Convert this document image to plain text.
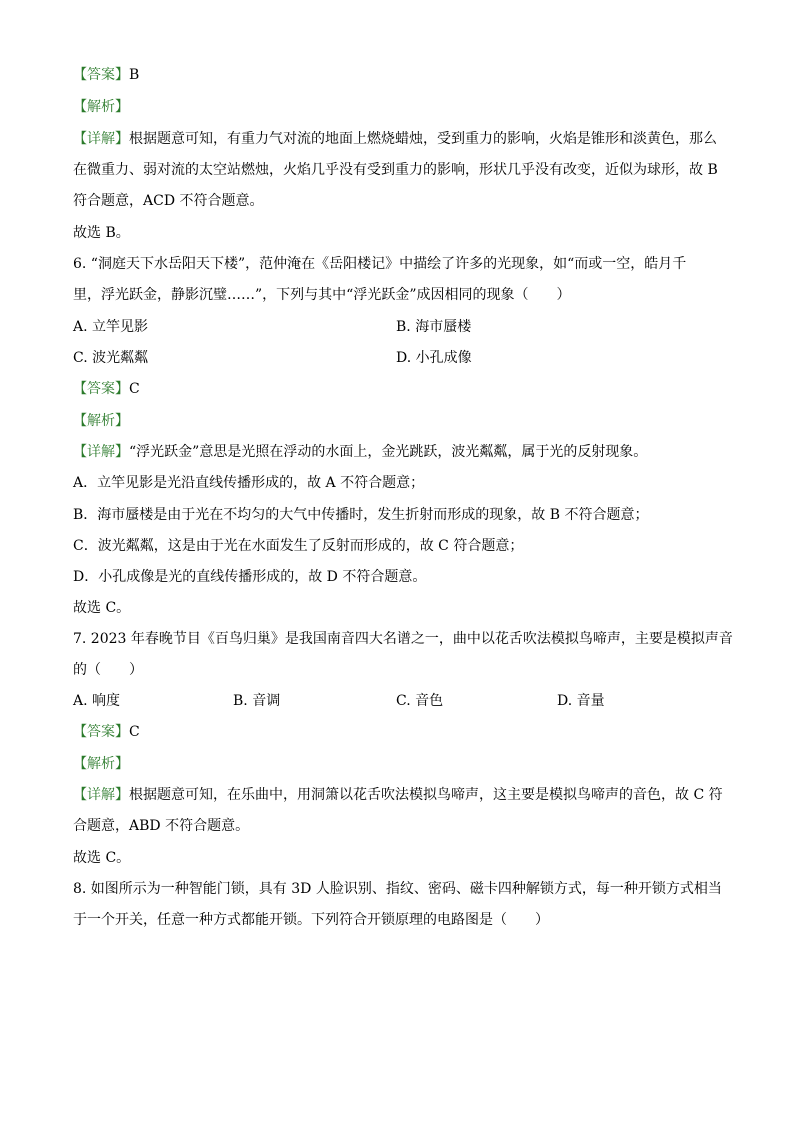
【答案】B
【解析】
【详解】根据题意可知，有重力气对流的地面上燃烧蜡烛，受到重力的影响，火焰是锥形和淡黄色，那么
在微重力、弱对流的太空站燃烛，火焰几乎没有受到重力的影响，形状几乎没有改变，近似为球形，故 B
符合题意，ACD 不符合题意。
故选 B。
6. “洞庭天下水岳阳天下楼”，范仲淹在《岳阳楼记》中描绘了许多的光现象，如“而或一空，皓月千
里，浮光跃金，静影沉璧……”，下列与其中“浮光跃金”成因相同的现象（　　）
A. 立竿见影	B. 海市蜃楼
C. 波光粼粼	D. 小孔成像
【答案】C
【解析】
【详解】“浮光跃金”意思是光照在浮动的水面上，金光跳跃，波光粼粼，属于光的反射现象。
A．立竿见影是光沿直线传播形成的，故 A 不符合题意；
B．海市蜃楼是由于光在不均匀的大气中传播时，发生折射而形成的现象，故 B 不符合题意；
C．波光粼粼，这是由于光在水面发生了反射而形成的，故 C 符合题意；
D．小孔成像是光的直线传播形成的，故 D 不符合题意。
故选 C。
7. 2023 年春晚节目《百鸟归巢》是我国南音四大名谱之一，曲中以花舌吹法模拟鸟啼声，主要是模拟声音
的（　　）
A. 响度	B. 音调	C. 音色	D. 音量
【答案】C
【解析】
【详解】根据题意可知，在乐曲中，用洞箫以花舌吹法模拟鸟啼声，这主要是模拟鸟啼声的音色，故 C 符
合题意，ABD 不符合题意。
故选 C。
8. 如图所示为一种智能门锁，具有 3D 人脸识别、指纹、密码、磁卡四种解锁方式，每一种开锁方式相当
于一个开关，任意一种方式都能开锁。下列符合开锁原理的电路图是（　　）
